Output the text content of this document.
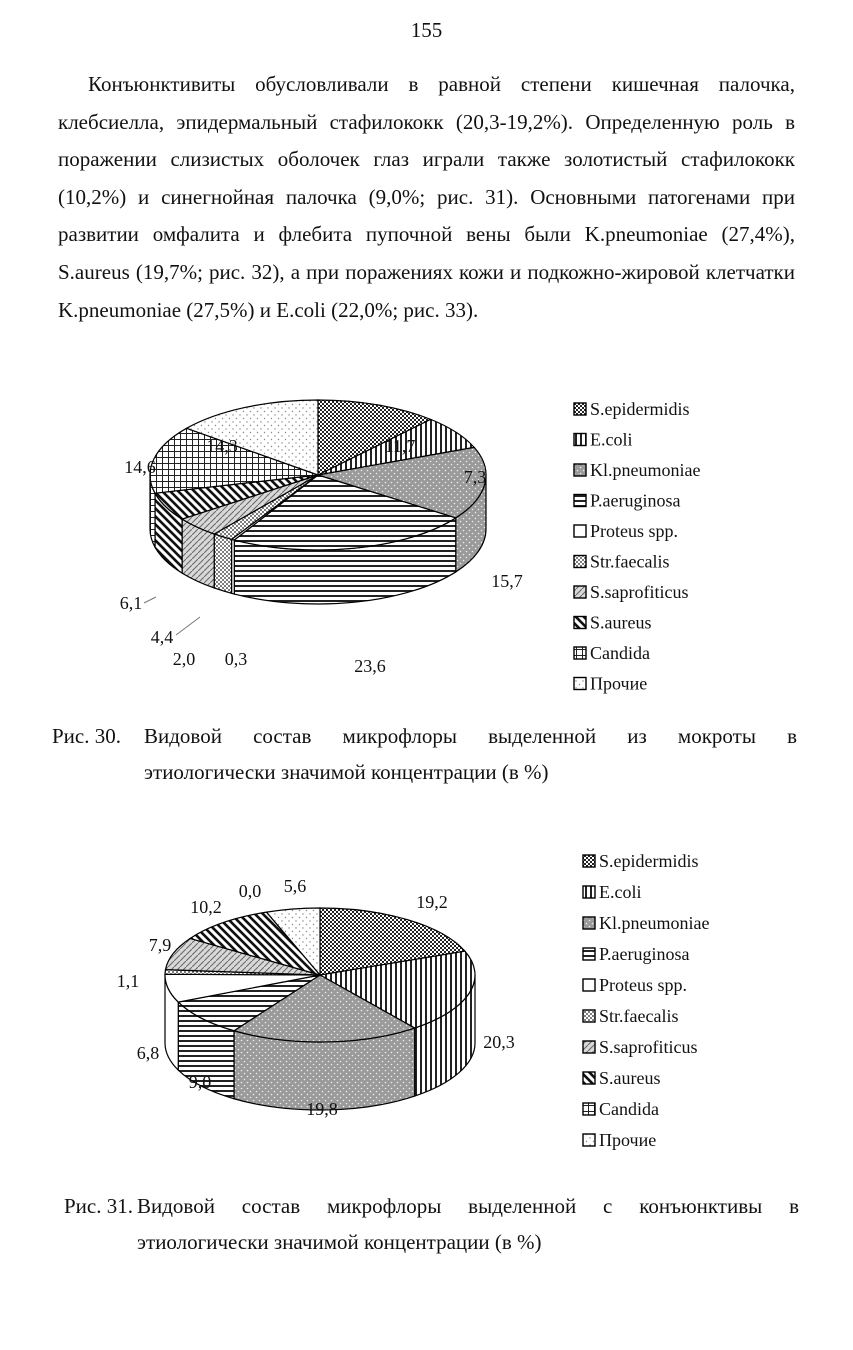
155

Конъюнктивиты обусловливали в равной степени кишечная палочка, клебсиелла, эпидермальный стафилококк (20,3-19,2%). Определенную роль в поражении слизистых оболочек глаз играли также золотистый стафилококк (10,2%) и синегнойная палочка (9,0%; рис. 31). Основными патогенами при развитии омфалита и флебита пупочной вены были K.pneumoniae (27,4%), S.aureus (19,7%; рис. 32), а при поражениях кожи и подкожно-жировой клетчатки K.pneumoniae (27,5%) и E.coli (22,0%; рис. 33).

11,7
7,3
15,7
23,6
0,3
2,0
4,4
6,1
14,6
14,3
S.epidermidis
E.coli
Kl.pneumoniae
P.aeruginosa
Proteus spp.
Str.faecalis
S.saprofiticus
S.aureus
Candida
Прочие
Рис. 30. Видовой состав микрофлоры выделенной из мокроты в
этиологически значимой концентрации (в %)
19,2
20,3
19,8
9,0
6,8
1,1
7,9
10,2
0,0 5,6
S.epidermidis
E.coli
Kl.pneumoniae
P.aeruginosa
Proteus spp.
Str.faecalis
S.saprofiticus
S.aureus
Candida
Прочие
Рис. 31. Видовой состав микрофлоры выделенной с конъюнктивы в
этиологически значимой концентрации (в %)
